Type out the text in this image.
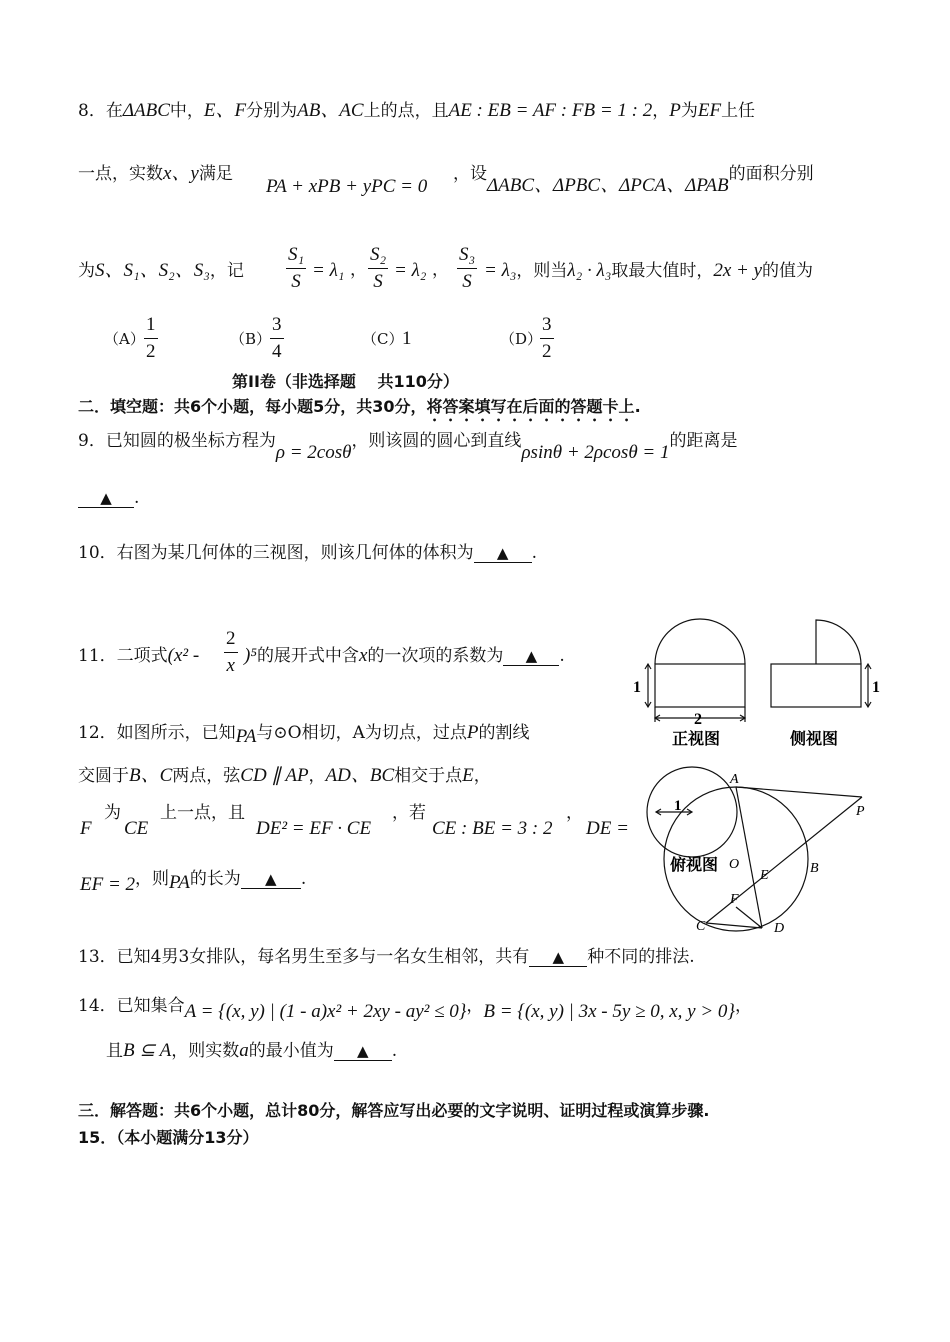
8．在ΔABC中，E、F分别为AB、AC上的点，且AE : EB = AF : FB = 1 : 2，P为EF上任
一点，实数x、y满足
PA + xPB + yPC = 0
，设ΔABC、ΔPBC、ΔPCA、ΔPAB的面积分别
为S、S₁、S₂、S₃，记
S₁
S
= λ₁ ，
S₂
S
= λ₂ ，
S₃
S
= λ₃，则当λ₂ · λ₃取最大值时，2x + y的值为
（A）
1
2
（B）
3
4
（C）
1	（D）
3
2
第II卷（非选择题　 共110分）
二．填空题：共6个小题，每小题5分，共30分，将答案填写在后面的答题卡上.
9．已知圆的极坐标方程为ρ = 2cosθ，则该圆的圆心到直线ρsinθ + 2ρcosθ = 1的距离是
▲ .
10．右图为某几何体的三视图，则该几何体的体积为 ▲ .
11．二项式(x² -
2
x )⁵的展开式中含x的一次项的系数为 ▲ .
12．如图所示，已知PA与⊙O相切，A为切点，过点P的割线
交圆于B、C两点，弦CD ∥ AP，AD、BC相交于点E，
F
为
CE
上一点，且
DE² = EF · CE
，若
CE : BE = 3 : 2
，
DE =
EF = 2，则PA的长为 ▲ .
13．已知4男3女排队，每名男生至多与一名女生相邻，共有 ▲ 种不同的排法.
14．已知集合A = {(x, y) | (1 - a)x² + 2xy - ay² ≤ 0}，B = {(x, y) | 3x - 5y ≥ 0, x, y > 0}，
且B ⊆ A，则实数a的最小值为 ▲ .
三．解答题：共6个小题，总计80分，解答应写出必要的文字说明、证明过程或演算步骤.
15．（本小题满分13分）
1
2
1
正视图	侧视图
1
俯视图
A
P
O	B
E
F
C	D
